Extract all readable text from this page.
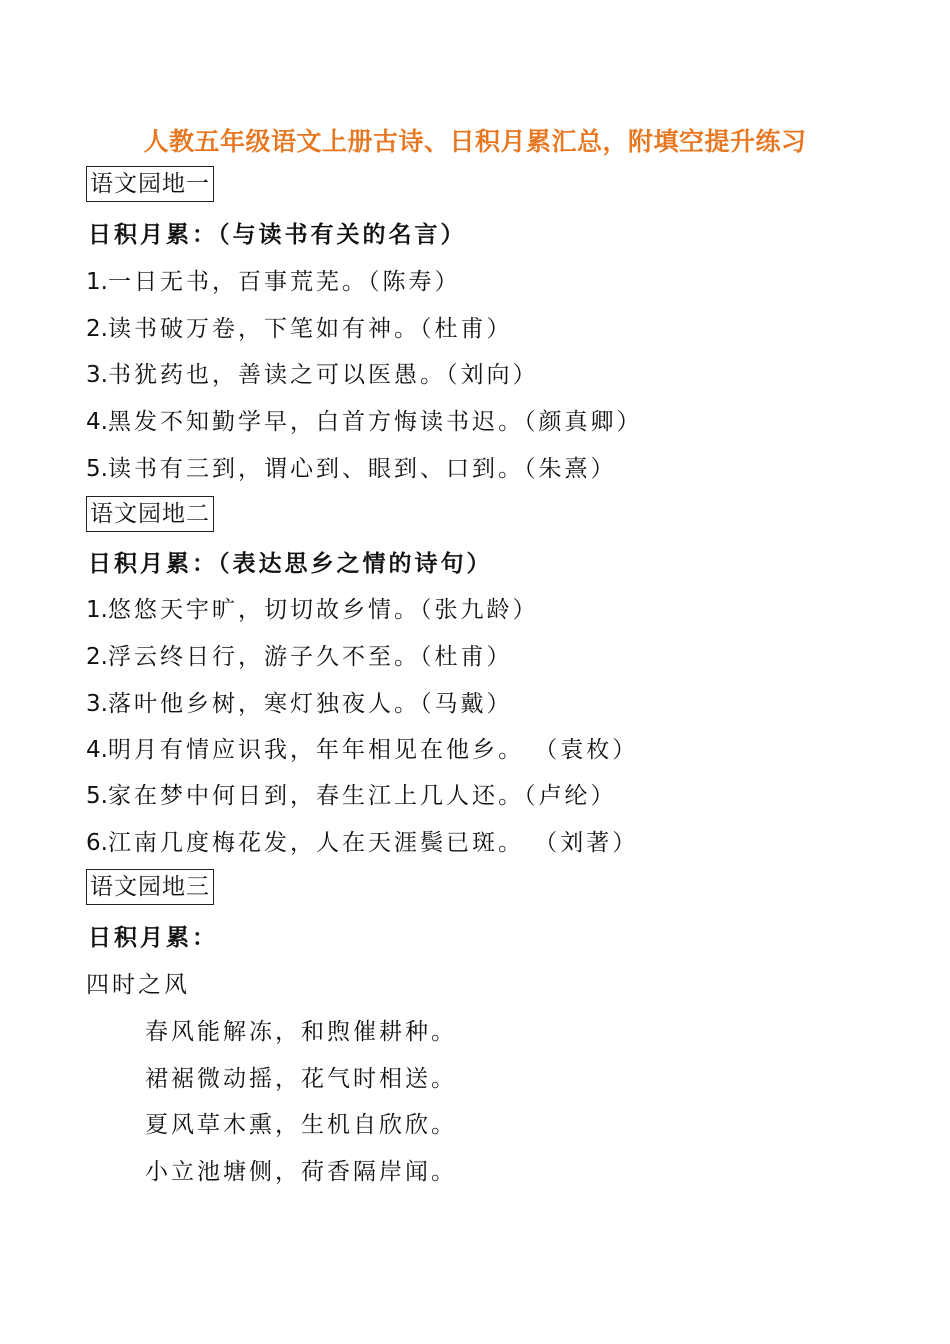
人教五年级语文上册古诗、日积月累汇总，附填空提升练习
语文园地一
日积月累：（与读书有关的名言）
1.一日无书，百事荒芜。（陈寿）
2.读书破万卷，下笔如有神。（杜甫）
3.书犹药也，善读之可以医愚。（刘向）
4.黑发不知勤学早，白首方悔读书迟。（颜真卿）
5.读书有三到，谓心到、眼到、口到。（朱熹）
语文园地二
日积月累：（表达思乡之情的诗句）
1.悠悠天宇旷，切切故乡情。（张九龄）
2.浮云终日行，游子久不至。（杜甫）
3.落叶他乡树，寒灯独夜人。（马戴）
4.明月有情应识我，年年相见在他乡。 （袁枚）
5.家在梦中何日到，春生江上几人还。（卢纶）
6.江南几度梅花发，人在天涯鬓已斑。 （刘著）
语文园地三
日积月累：
四时之风
春风能解冻，和煦催耕种。
裙裾微动摇，花气时相送。
夏风草木熏，生机自欣欣。
小立池塘侧，荷香隔岸闻。
